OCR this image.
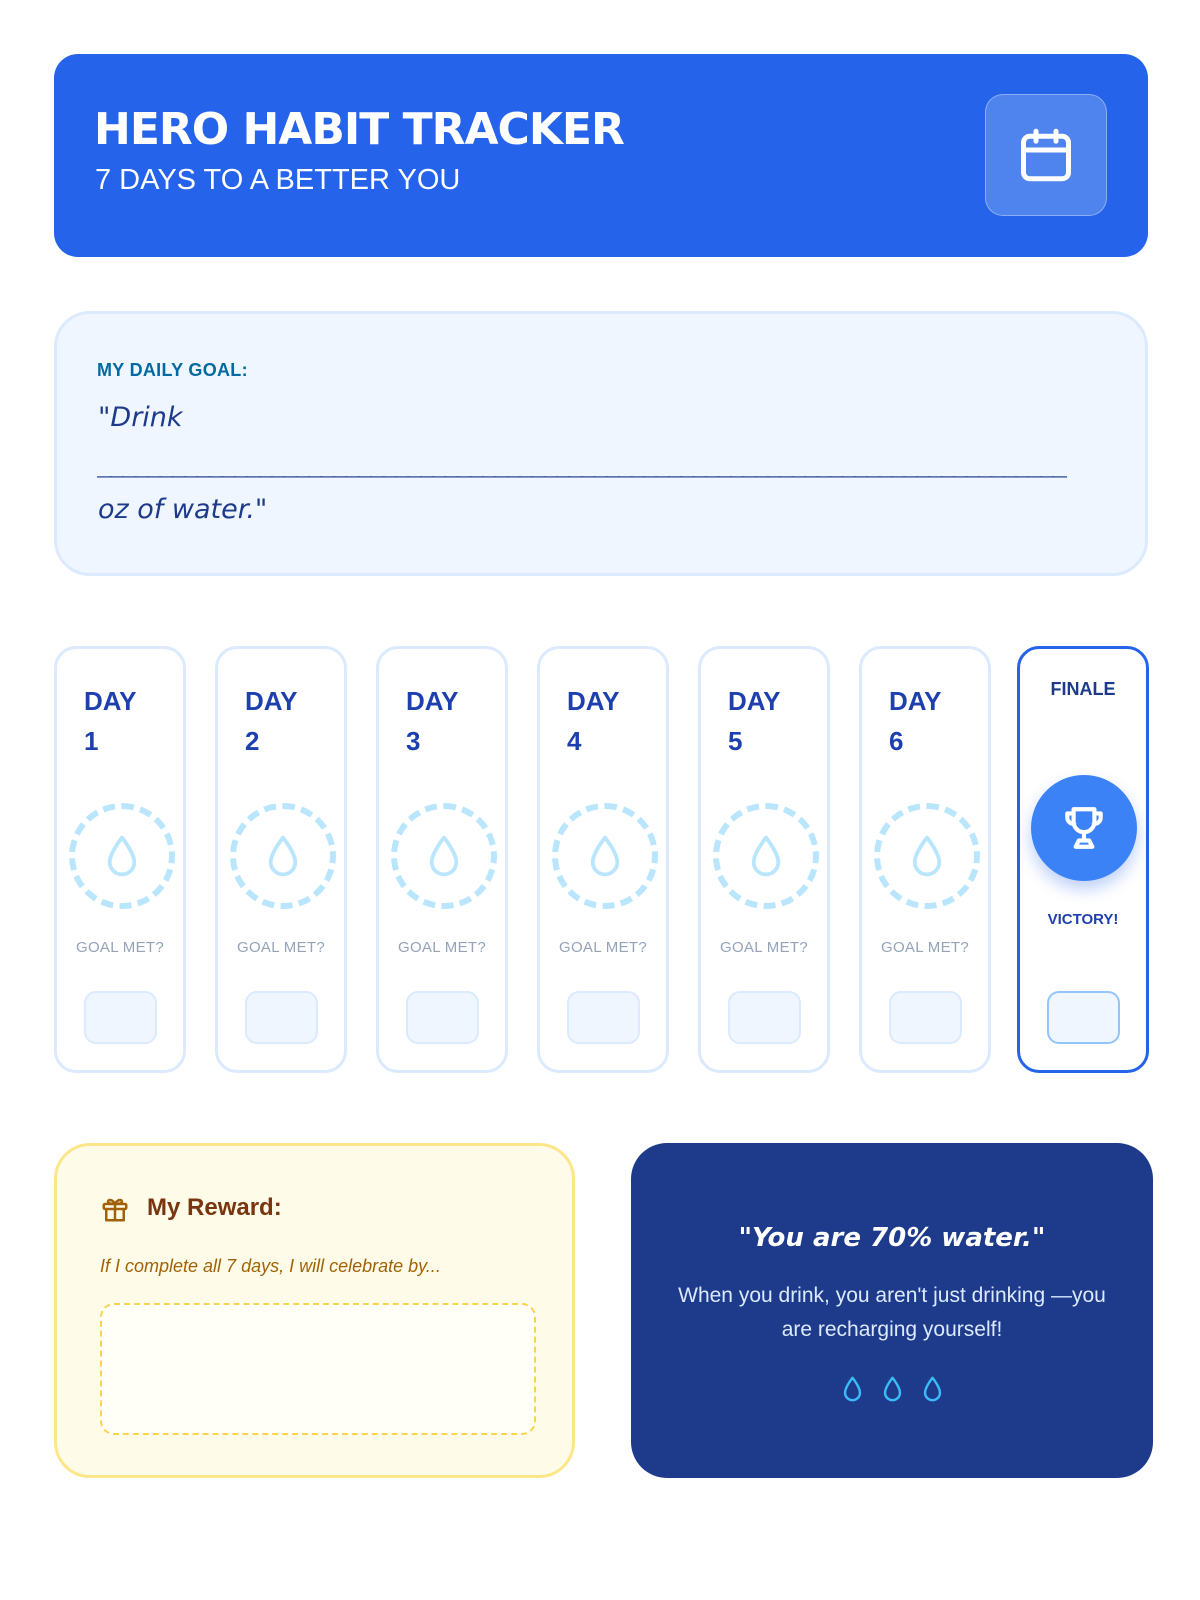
HERO HABIT TRACKER
7 DAYS TO A BETTER YOU
MY DAILY GOAL:
"Drink
______________________________________________________________________________
oz of water."
DAY
1
GOAL MET?
DAY
2
GOAL MET?
DAY
3
GOAL MET?
DAY
4
GOAL MET?
DAY
5
GOAL MET?
DAY
6
GOAL MET?
FINALE
VICTORY!
My Reward:
If I complete all 7 days, I will celebrate by...
"You are 70% water."
When you drink, you aren't just drinking —you are recharging yourself!
